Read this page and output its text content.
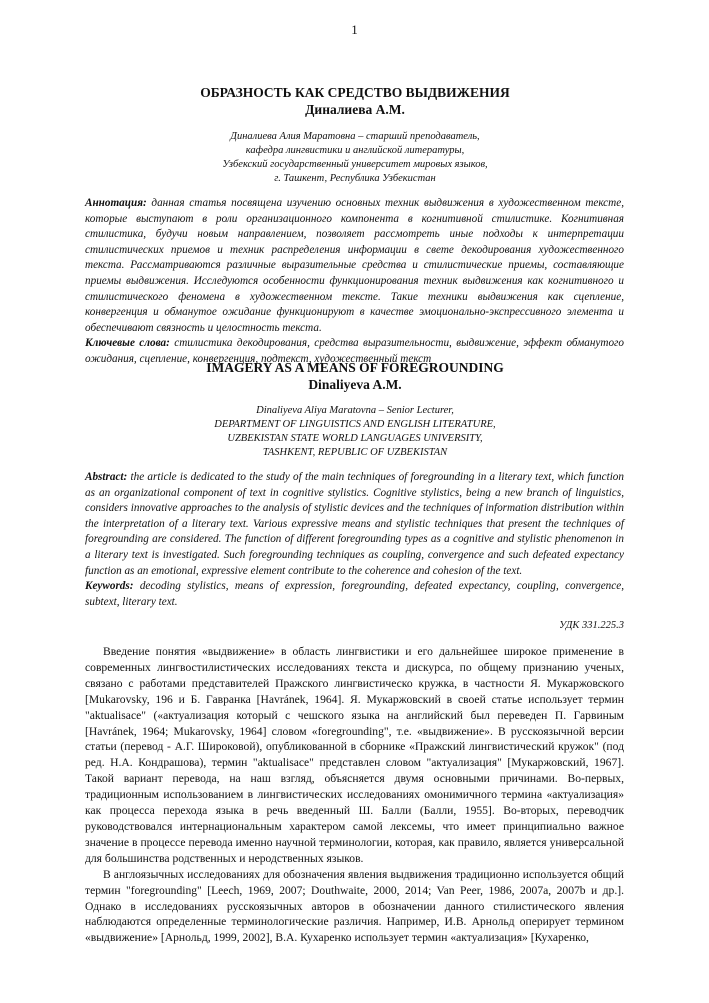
1
ОБРАЗНОСТЬ КАК СРЕДСТВО ВЫДВИЖЕНИЯ
Диналиева А.М.
Диналиева Алия Маратовна – старший преподаватель,
кафедра лингвистики и английской литературы,
Узбекский государственный университет мировых языков,
г. Ташкент, Республика Узбекистан
Аннотация: данная статья посвящена изучению основных техник выдвижения в художественном тексте, которые выступают в роли организационного компонента в когнитивной стилистике. Когнитивная стилистика, будучи новым направлением, позволяет рассмотреть иные подходы к интерпретации стилистических приемов и техник распределения информации в свете декодирования художественного текста. Рассматриваются различные выразительные средства и стилистические приемы, составляющие приемы выдвижения. Исследуются особенности функционирования техник выдвижения как когнитивного и стилистического феномена в художественном тексте. Такие техники выдвижения как сцепление, конвергенция и обманутое ожидание функционируют в качестве эмоционально-экспрессивного элемента и обеспечивают связность и целостность текста.
Ключевые слова: стилистика декодирования, средства выразительности, выдвижение, эффект обманутого ожидания, сцепление, конвергенция, подтекст, художественный текст
IMAGERY AS A MEANS OF FOREGROUNDING
Dinaliyeva A.M.
Dinaliyeva Aliya Maratovna – Senior Lecturer,
DEPARTMENT OF LINGUISTICS AND ENGLISH LITERATURE,
UZBEKISTAN STATE WORLD LANGUAGES UNIVERSITY,
TASHKENT, REPUBLIC OF UZBEKISTAN
Abstract: the article is dedicated to the study of the main techniques of foregrounding in a literary text, which function as an organizational component of text in cognitive stylistics. Cognitive stylistics, being a new branch of linguistics, considers innovative approaches to the analysis of stylistic devices and the techniques of information distribution within the interpretation of a literary text. Various expressive means and stylistic techniques that present the techniques of foregrounding are considered. The function of different foregrounding types as a cognitive and stylistic phenomenon in a literary text is investigated. Such foregrounding techniques as coupling, convergence and such defeated expectancy function as an emotional, expressive element contribute to the coherence and cohesion of the text.
Keywords: decoding stylistics, means of expression, foregrounding, defeated expectancy, coupling, convergence, subtext, literary text.
УДК 331.225.3

Введение понятия «выдвижение» в область лингвистики и его дальнейшее широкое применение в современных лингвостилистических исследованиях текста и дискурса, по общему признанию ученых, связано с работами представителей Пражского лингвистическо кружка, в частности Я. Мукаржовского [Mukarovsky, 196 и Б. Гавранка [Havránek, 1964]. Я. Мукаржовский в своей статье использует термин "aktualisace" («актуализация который с чешского языка на английский был переведен П. Гарвиным [Havránek, 1964; Mukarovsky, 1964] словом «foregrounding", т.е. «выдвижение». В русскоязычной версии статьи (перевод - А.Г. Широковой), опубликованной в сборнике «Пражский лингвистический кружок" (под ред. Н.А. Кондрашова), термин "aktualisace" представлен словом "актуализация" [Мукаржовский, 1967]. Такой вариант перевода, на наш взгляд, объясняется двумя основными причинами. Во-первых, традиционным использованием в лингвистических исследованиях омонимичного термина «актуализация» как процесса перехода языка в речь введенный Ш. Балли (Балли, 1955]. Во-вторых, переводчик руководствовался интернациональным характером самой лексемы, что имеет принципиально важное значение в процессе перевода именно научной терминологии, которая, как правило, является универсальной для большинства родственных и неродственных языков.

В англоязычных исследованиях для обозначения явления выдвижения традиционно используется общий термин "foregrounding" [Leech, 1969, 2007; Douthwaite, 2000, 2014; Van Peer, 1986, 2007a, 2007b и др.]. Однако в исследованиях русскоязычных авторов в обозначении данного стилистического явления наблюдаются определенные терминологические различия. Например, И.В. Арнольд оперирует термином «выдвижение» [Арнольд, 1999, 2002], В.А. Кухаренко использует термин «актуализация» [Кухаренко,
